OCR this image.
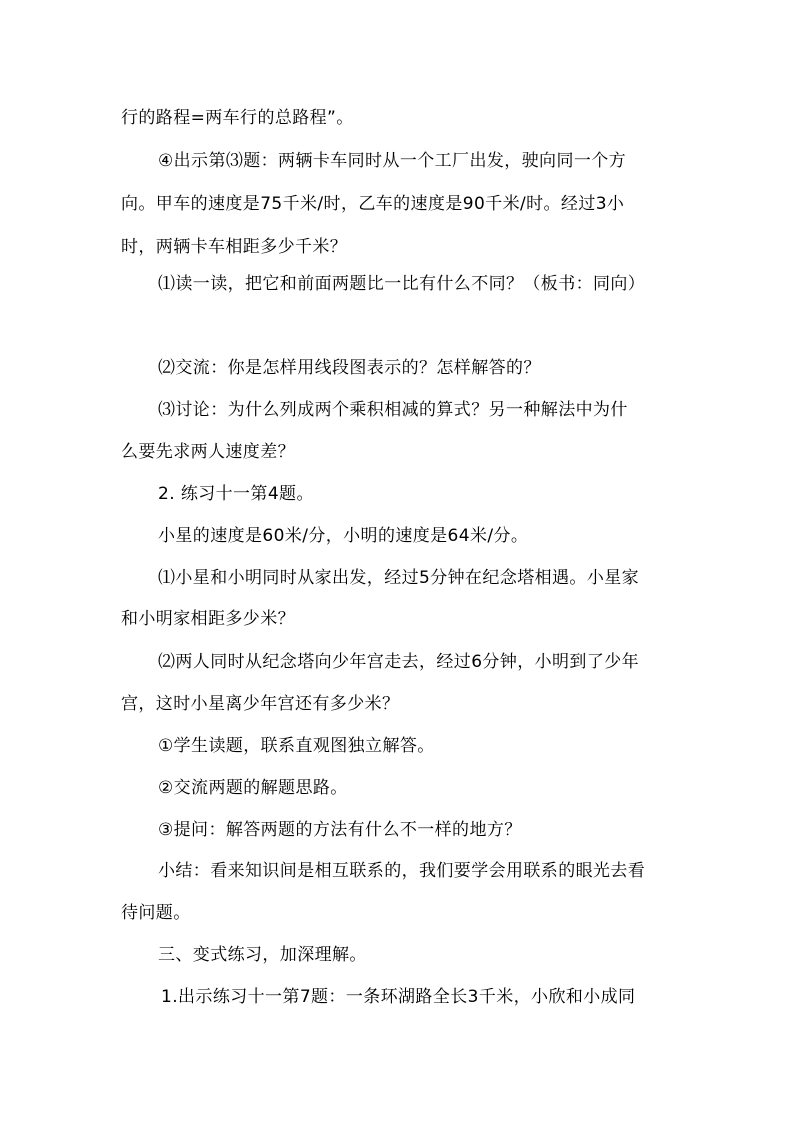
行的路程=两车行的总路程”。
④出示第⑶题：两辆卡车同时从一个工厂出发，驶向同一个方
向。甲车的速度是75千米/时，乙车的速度是90千米/时。经过3小
时，两辆卡车相距多少千米？
⑴读一读，把它和前面两题比一比有什么不同？（板书：同向）
⑵交流：你是怎样用线段图表示的？怎样解答的？
⑶讨论：为什么列成两个乘积相减的算式？另一种解法中为什
么要先求两人速度差？
2. 练习十一第4题。
小星的速度是60米/分，小明的速度是64米/分。
⑴小星和小明同时从家出发，经过5分钟在纪念塔相遇。小星家
和小明家相距多少米？
⑵两人同时从纪念塔向少年宫走去，经过6分钟，小明到了少年
宫，这时小星离少年宫还有多少米？
①学生读题，联系直观图独立解答。
②交流两题的解题思路。
③提问：解答两题的方法有什么不一样的地方？
小结：看来知识间是相互联系的，我们要学会用联系的眼光去看
待问题。
三、变式练习，加深理解。
1.出示练习十一第7题：一条环湖路全长3千米，小欣和小成同
